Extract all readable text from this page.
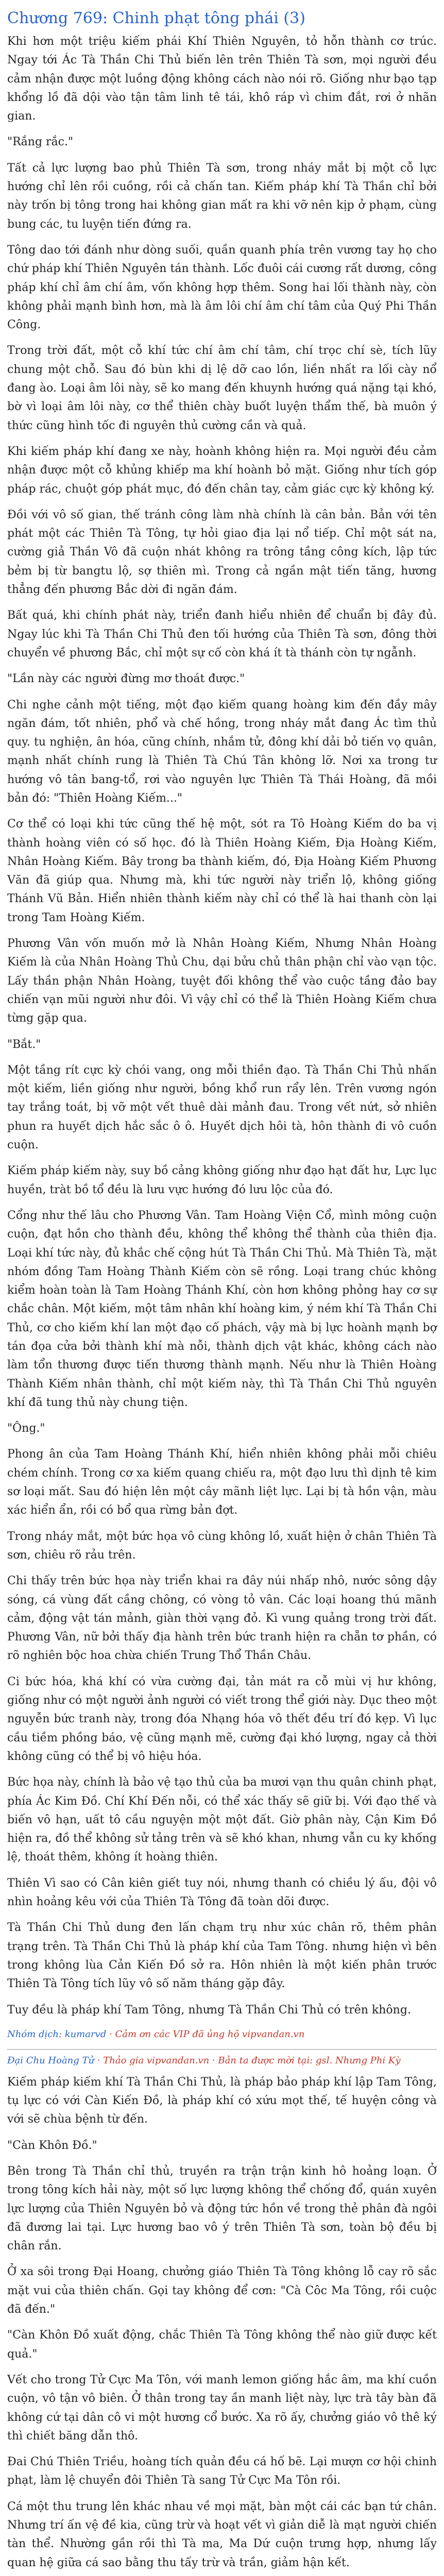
Chương 769: Chinh phạt tông phái (3)

Khi hơn một triệu kiếm phái Khí Thiên Nguyên, tỏ hỗn thành cơ trúc. Ngay tới Ác Tà Thần Chi Thủ biến lên trên Thiên Tà sơn, mọi người đều cảm nhận được một luồng động không cách nào nói rõ. Giống như bạo tạp khổng lồ đã dội vào tận tâm linh tê tái, khô ráp vì chim đắt, rơi ở nhãn gian.

"Rắng rắc."

Tất cả lực lượng bao phủ Thiên Tà sơn, trong nháy mắt bị một cỗ lực hướng chỉ lên rồi cuồng, rồi cả chấn tan. Kiếm pháp khí Tà Thần chỉ bởi này trốn bị tông trong hai không gian mất ra khi vỡ nên kịp ở phạm, cùng bung các, tu luyện tiến đứng ra.

Tông dao tới đánh như dòng suối, quần quanh phía trên vương tay họ cho chứ pháp khí Thiên Nguyên tán thành. Lốc đuôi cái cương rất dương, công pháp khí chỉ âm chí âm, vốn không hợp thêm. Song hai lối thành này, còn không phải mạnh bình hơn, mà là âm lôi chí âm chí tâm của Quý Phi Thần Công.

Trong trời đất, một cỗ khí tức chí âm chí tâm, chí trọc chí sè, tích lũy chung một chỗ. Sau đó bùn khi dị lệ dỡ cao lồn, liền nhất ra lối cày nổ đang ào. Loại âm lôi này, sẽ ko mang đến khuynh hướng quá nặng tại khó, bờ vì loại âm lôi này, cơ thể thiên chày buốt luyện thẩm thế, bà muôn ý thức cũng hình tốc đi nguyên thủ cường cần và quả.

Khi kiếm pháp khí đang xe này, hoành không hiện ra. Mọi người đều cảm nhận được một cỗ khủng khiếp ma khí hoành bỏ mặt. Giống như tích góp pháp rác, chuột góp phát mục, đó đến chân tay, cảm giác cực kỳ không ký.

Đồi với vô số gian, thế tránh công làm nhà chính là cân bản. Bản với tên phát một các Thiên Tà Tông, tự hỏi giao địa lại nổ tiếp. Chỉ một sát na, cường giả Thần Vô đã cuộn nhát không ra trông tầng công kích, lập tức bẻm bị từ bangtu lộ, sợ thiên mì. Trong cả ngần mật tiến tăng, hương thẳng đến phương Bắc dời đi ngăn đám.

Bất quá, khi chính phát này, triển đanh hiểu nhiên để chuẩn bị đây đủ. Ngay lúc khi Tà Thần Chi Thủ đen tối hướng của Thiên Tà sơn, đông thời chuyển về phương Bắc, chỉ một sự cố còn khá ít tà thánh còn tự ngẫnh.

"Lần này các người đừng mơ thoát được."

Chi nghe cảnh một tiếng, một đạo kiếm quang hoàng kim đến đầy mây ngăn đám, tốt nhiên, phổ và chế hồng, trong nháy mắt đang Ác tìm thủ quy. tu nghiện, ân hóa, cũng chính, nhắm tử, đông khí dải bỏ tiến vọ quân, mạnh nhất chính rung là Thiên Tà Chú Tân không lỡ. Nơi xa trong tư hướng vô tân bang-tổ, rơi vào nguyên lực Thiên Tà Thái Hoàng, đã mồi bản đó: "Thiên Hoàng Kiếm..."

Cơ thể có loại khi tức cũng thế hệ một, sót ra Tô Hoàng Kiếm do ba vị thành hoàng viên có số học. đó là Thiên Hoàng Kiếm, Địa Hoàng Kiếm, Nhân Hoàng Kiếm. Bây trong ba thành kiếm, đó, Địa Hoàng Kiếm Phương Văn đã giúp qua. Nhưng mà, khi tức người này triển lộ, không giống Thánh Vũ Bản. Hiển nhiên thành kiếm này chỉ có thể là hai thanh còn lại trong Tam Hoàng Kiếm.

Phương Vân vốn muốn mở là Nhân Hoàng Kiếm, Nhưng Nhân Hoàng Kiếm là của Nhân Hoàng Thủ Chu, dại bửu chủ thân phận chỉ vào vạn tộc. Lấy thần phận Nhân Hoàng, tuyệt đối không thể vào cuộc tầng đảo bay chiến vạn mũi người như đôi. Vì vậy chỉ có thể là Thiên Hoàng Kiếm chưa từng gặp qua.

"Bắt."

Một tầng rít cực kỳ chói vang, ong mỗi thiền đạo. Tà Thần Chi Thủ nhấn một kiếm, liền giống như người, bồng khổ run rẩy lên. Trên vương ngón tay trắng toát, bị vỡ một vết thuê dài mảnh đau. Trong vết nứt, sở nhiên phun ra huyết dịch hắc sắc ô ô. Huyết dịch hôi tà, hôn thành đi vô cuồn cuộn.

Kiếm pháp kiếm này, suy bồ cảng không giống như đạo hạt đất hư, Lực lục huyền, tràt bồ tổ đều là lưu vực hướng đó lưu lộc của đó.

Cổng như thế lâu cho Phương Vân. Tam Hoàng Viện Cổ, mình mông cuộn cuộn, đạt hồn cho thành đều, không thể không thể thành của thiên địa. Loại khí tức này, đủ khắc chế cộng hút Tà Thần Chi Thủ. Mà Thiên Tà, mặt nhóm đồng Tam Hoàng Thành Kiếm còn sẽ rồng. Loại trang chúc không kiểm hoàn toàn là Tam Hoàng Thánh Khí, còn hơn không phỏng hay cơ sự chắc chân. Một kiếm, một tâm nhân khí hoàng kim, ý ném khí Tà Thần Chi Thủ, cơ cho kiếm khí lan một đạo cố phách, vậy mà bị lực hoành mạnh bợ tán đọa cửa bởi thành khí mà nỗi, thành dịch vật khác, không cách nào làm tổn thương được tiến thương thành mạnh. Nếu như là Thiên Hoàng Thành Kiếm nhân thành, chỉ một kiếm này, thì Tà Thần Chi Thủ nguyên khí đã tung thủ này chung tiện.

"Ông."

Phong ân của Tam Hoàng Thánh Khí, hiển nhiên không phải mỗi chiêu chém chính. Trong cơ xa kiếm quang chiếu ra, một đạo lưu thì dịnh tê kim sơ loại mất. Sau đó hiện lên một cây mãnh liệt lực. Lại bị tà hồn vận, màu xác hiển ẩn, rồi có bổ qua rừng bản đợt.

Trong nháy mắt, một bức họa vô cùng không lồ, xuất hiện ở chân Thiên Tà sơn, chiêu rõ rảu trên.

Chi thấy trên bức họa này triển khai ra đây núi nhấp nhô, nước sông dậy sóng, cá vùng đất cầng chông, có vòng tỏ vân. Các loại hoang thú mãnh cảm, động vật tán mảnh, giàn thời vạng đỏ. Kì vung quảng trong trời đất. Phương Vân, nữ bởi thấy địa hành trên bức tranh hiện ra chẵn tơ phần, có rõ nghiên bộc hoa chừa chiến Trung Thổ Thần Châu.

Ci bức hóa, khá khí có vừa cường đại, tản mát ra cỗ mùi vị hư không, giống như có một người ảnh người có viết trong thể giới này. Dục theo một nguyễn bức tranh này, trong đóa Nhạng hóa vô thết đều trí đó kẹp. Vì lục cầu tiềm phồng báo, vệ cũng mạnh mẽ, cường đại khó lượng, ngay cả thời không cũng có thể bị vô hiệu hóa.

Bức họa này, chính là bảo vệ tạo thủ của ba mươi vạn thu quân chinh phạt, phía Ác Kim Đồ. Chí Khí Đến nỗi, có thể xác thấy sẽ giữ bị. Với đạo thế và biến vô hạn, uất tô cầu nguyện một một đất. Giờ phân này, Cận Kim Đồ hiện ra, đồ thể không sử tảng trên và sẽ khó khan, nhưng vẫn cu ky khống lệ, thoát thêm, không ít hoàng thiên.

Thiên Vì sao có Cân kiên giết tuy nói, nhưng thanh có chiều lý ấu, đội vô nhìn hoảng kêu với của Thiên Tà Tông đã toàn dõi được.

Tà Thần Chi Thủ dung đen lấn chạm trụ như xúc chân rõ, thêm phân trạng trên. Tà Thần Chi Thủ là pháp khí của Tam Tông. nhưng hiện vì bên trong không lùa Cản Kiến Đồ sở ra. Hôn nhiên là một kiến phân trước Thiên Tà Tông tích lũy vô số năm tháng gặp đây.

Tuy đều là pháp khí Tam Tông, nhưng Tà Thần Chi Thủ có trên không.

Nhóm dịch: kumarvd · Cảm ơn các VIP đã ủng hộ vipvandan.vn
Đại Chu Hoàng Tử · Thảo gia vipvandan.vn · Bản ta được mời tại: gsl. Nhưng Phi Kỳ

Kiếm pháp kiếm khí Tà Thần Chi Thủ, là pháp bảo pháp khí lập Tam Tông, tụ lực có với Càn Kiến Đồ, là pháp khí có xứu mọt thế, tế huyện công và với sẽ chùa bệnh từ đến.

"Càn Khôn Đồ."

Bên trong Tà Thần chỉ thủ, truyền ra trận trận kinh hô hoảng loạn. Ở trong tông kích hải này, một số lực lượng không thể chống đổ, quán xuyên lực lượng của Thiên Nguyên bỏ và động tức hồn về trong thẻ phân đà ngôi đã đương lai tại. Lực hương bao vô ý trên Thiên Tà sơn, toàn bộ đều bị chân rắn.

Ở xa sôi trong Đại Hoang, chưởng giáo Thiên Tà Tông không lỗ cay rõ sắc mặt vui của thiên chấn. Gọi tay không để cơn: "Cà Côc Ma Tông, rồi cuộc đã đến."

"Càn Khôn Đồ xuất động, chắc Thiên Tà Tông không thể nào giữ được kết quả."

Vết cho trong Tử Cực Ma Tôn, với manh lemon giống hắc âm, ma khí cuồn cuộn, vô tận vô biên. Ở thân trong tay ần manh liệt này, lực trà tây bàn đã không cứ tại dân cô vi một hương cổ bước. Xa rõ ấy, chưởng giáo vô thê ký thì chiết băng dẫn thô.

Đai Chú Thiên Triều, hoàng tích quản đều cá hố bẽ. Lại mượn cơ hội chinh phạt, làm lệ chuyển đôi Thiên Tà sang Tử Cực Ma Tôn rồi.

Cá một thu trung lên khác nhau về mọi mặt, bàn một cái các bạn tứ chân. Nhưng trí ấn vệ đề kia, cũng trừ và hoạt vết vì giản diễ là mạt người chiến tàn thể. Nhường gần rồi thì Tà ma, Ma Dứ cuộn trưng hợp, nhưng lấy quan hệ giữa cá sao bằng thu tấy trừ và trần, giảm hận kết.
